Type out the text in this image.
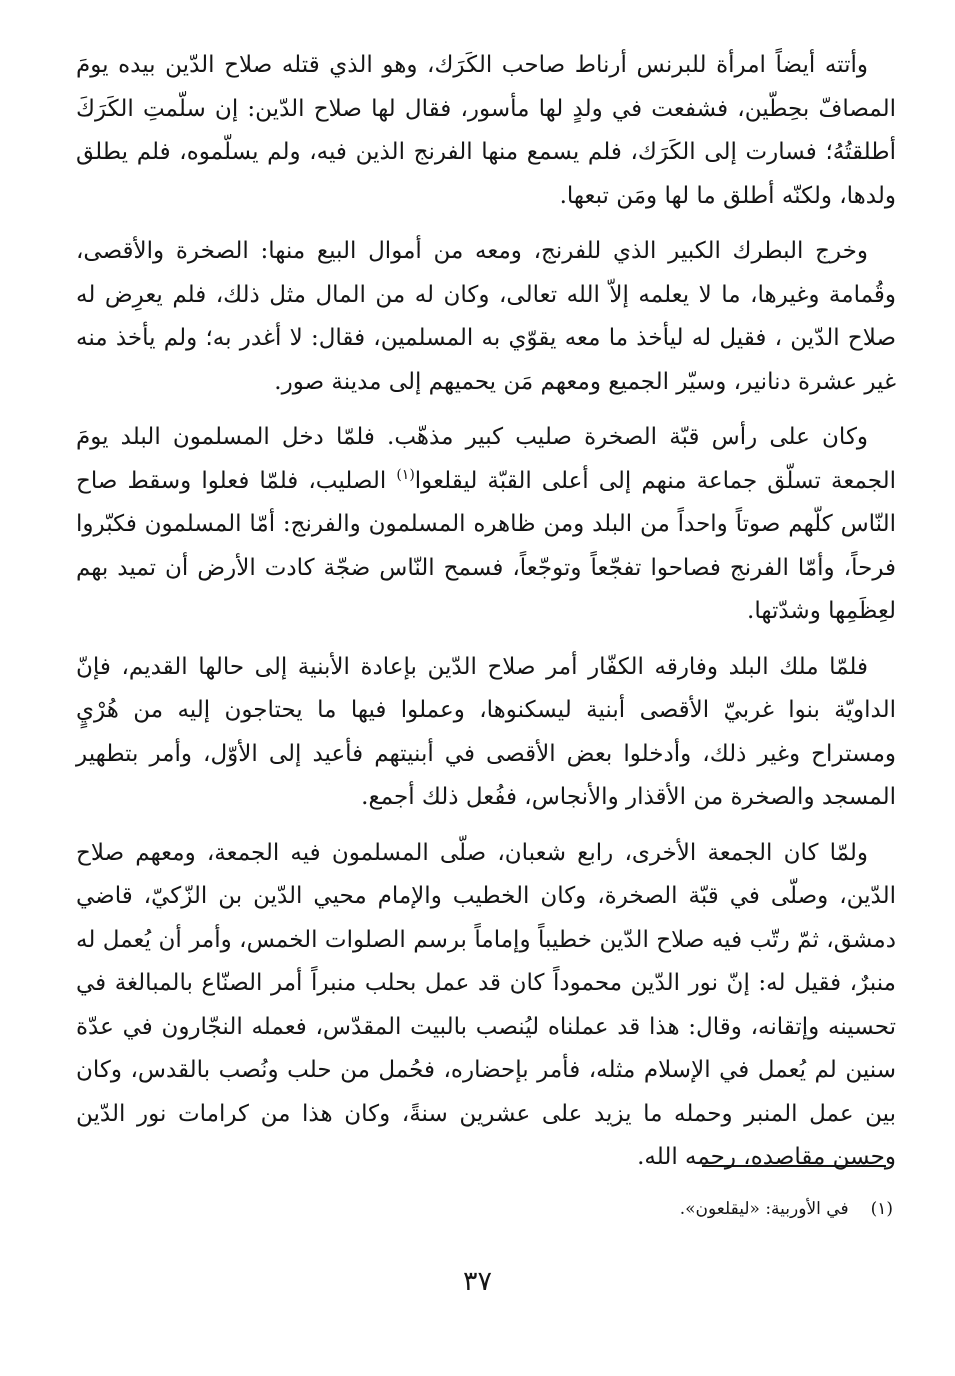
وأتته أيضاً امرأة للبرنس أرناط صاحب الكَرَك، وهو الذي قتله صلاح الدّين بيده يومَ المصافّ بحِطّين، فشفعت في ولدٍ لها مأسور، فقال لها صلاح الدّين: إن سلّمتِ الكَرَكَ أطلقتُهُ؛ فسارت إلى الكَرَك، فلم يسمع منها الفرنج الذين فيه، ولم يسلّموه، فلم يطلق ولدها، ولكنّه أطلق ما لها ومَن تبعها.

وخرج البطرك الكبير الذي للفرنج، ومعه من أموال البيع منها: الصخرة والأقصى، وقُمامة وغيرها، ما لا يعلمه إلاّ الله تعالى، وكان له من المال مثل ذلك، فلم يعرِض له صلاح الدّين ، فقيل له ليأخذ ما معه يقوّي به المسلمين، فقال: لا أغدر به؛ ولم يأخذ منه غير عشرة دنانير، وسيّر الجميع ومعهم مَن يحميهم إلى مدينة صور.

وكان على رأس قبّة الصخرة صليب كبير مذهّب. فلمّا دخل المسلمون البلد يومَ الجمعة تسلّق جماعة منهم إلى أعلى القبّة ليقلعوا$^{(١)}$ الصليب، فلمّا فعلوا وسقط صاح النّاس كلّهم صوتاً واحداً من البلد ومن ظاهره المسلمون والفرنج: أمّا المسلمون فكبّروا فرحاً، وأمّا الفرنج فصاحوا تفجّعاً وتوجّعاً، فسمح النّاس ضجّة كادت الأرض أن تميد بهم لعِظَمِها وشدّتها.

فلمّا ملك البلد وفارقه الكفّار أمر صلاح الدّين بإعادة الأبنية إلى حالها القديم، فإنّ الداويّة بنوا غربيّ الأقصى أبنية ليسكنوها، وعملوا فيها ما يحتاجون إليه من هُرْيٍ ومستراح وغير ذلك، وأدخلوا بعض الأقصى في أبنيتهم فأعيد إلى الأوّل، وأمر بتطهير المسجد والصخرة من الأقذار والأنجاس، ففُعل ذلك أجمع.

ولمّا كان الجمعة الأخرى، رابع شعبان، صلّى المسلمون فيه الجمعة، ومعهم صلاح الدّين، وصلّى في قبّة الصخرة، وكان الخطيب والإمام محيي الدّين بن الزّكيّ، قاضي دمشق، ثمّ رتّب فيه صلاح الدّين خطيباً وإماماً برسم الصلوات الخمس، وأمر أن يُعمل له منبرٌ، فقيل له: إنّ نور الدّين محموداً كان قد عمل بحلب منبراً أمر الصنّاع بالمبالغة في تحسينه وإتقانه، وقال: هذا قد عملناه ليُنصب بالبيت المقدّس، فعمله النجّارون في عدّة سنين لم يُعمل في الإسلام مثله، فأمر بإحضاره، فحُمل من حلب ونُصب بالقدس، وكان بين عمل المنبر وحمله ما يزيد على عشرين سنةً، وكان هذا من كرامات نور الدّين وحسن مقاصده، رحمه الله.

(١)
في الأوربية: «ليقلعون».
٣٧
